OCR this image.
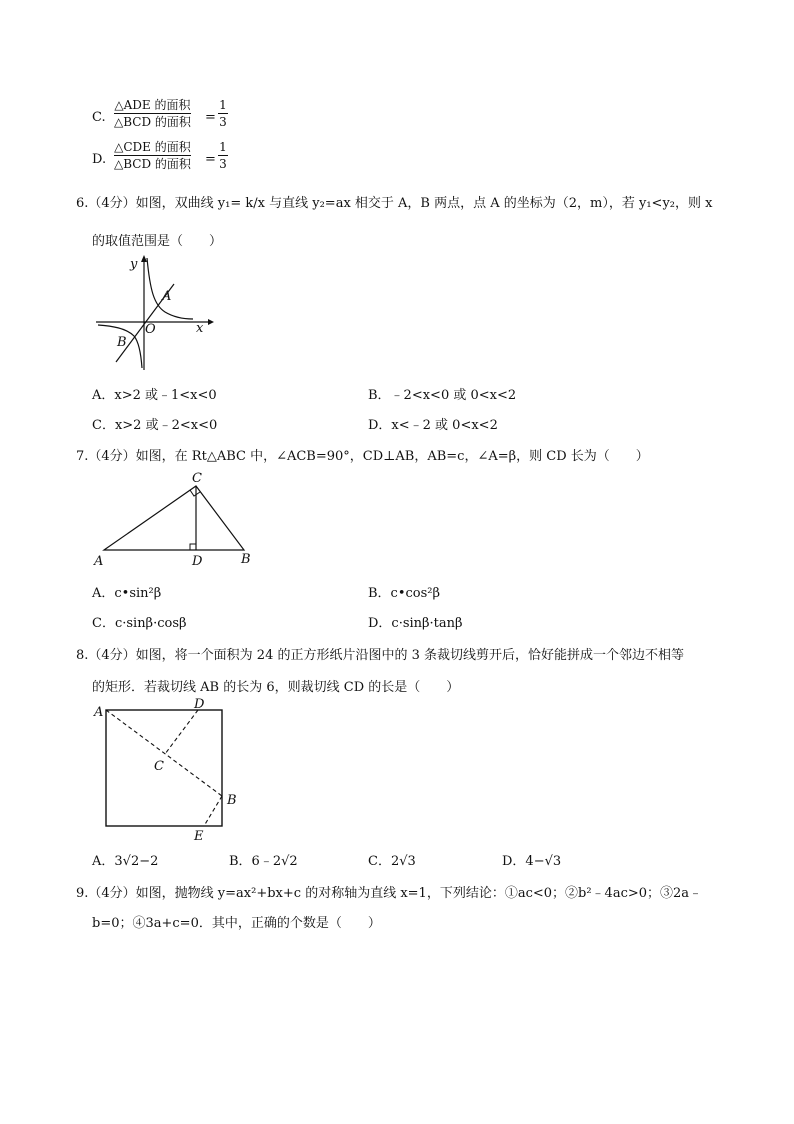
C.
△ADE 的面积
△BCD 的面积 =
1
3
D.
△CDE 的面积
△BCD 的面积 =
1
3
6.（4分）如图，双曲线 y₁= k/x 与直线 y₂=ax 相交于 A，B 两点，点 A 的坐标为（2，m），若 y₁<y₂，则 x
的取值范围是（　　）
y
x
O
A
B
A．x>2 或﹣1<x<0	B．﹣2<x<0 或 0<x<2
C．x>2 或﹣2<x<0	D．x<﹣2 或 0<x<2
7.（4分）如图，在 Rt△ABC 中，∠ACB=90°，CD⊥AB，AB=c，∠A=β，则 CD 长为（　　）
C
A	D	B
A．c•sin²β	B．c•cos²β
C．c·sinβ·cosβ	D．c·sinβ·tanβ
8.（4分）如图，将一个面积为 24 的正方形纸片沿图中的 3 条裁切线剪开后，恰好能拼成一个邻边不相等
的矩形．若裁切线 AB 的长为 6，则裁切线 CD 的长是（　　）
A
D
C
B
E
A．3√2−2	B．6﹣2√2	C．2√3	D．4−√3
9.（4分）如图，抛物线 y=ax²+bx+c 的对称轴为直线 x=1，下列结论：①ac<0；②b²﹣4ac>0；③2a﹣
b=0；④3a+c=0．其中，正确的个数是（　　）
